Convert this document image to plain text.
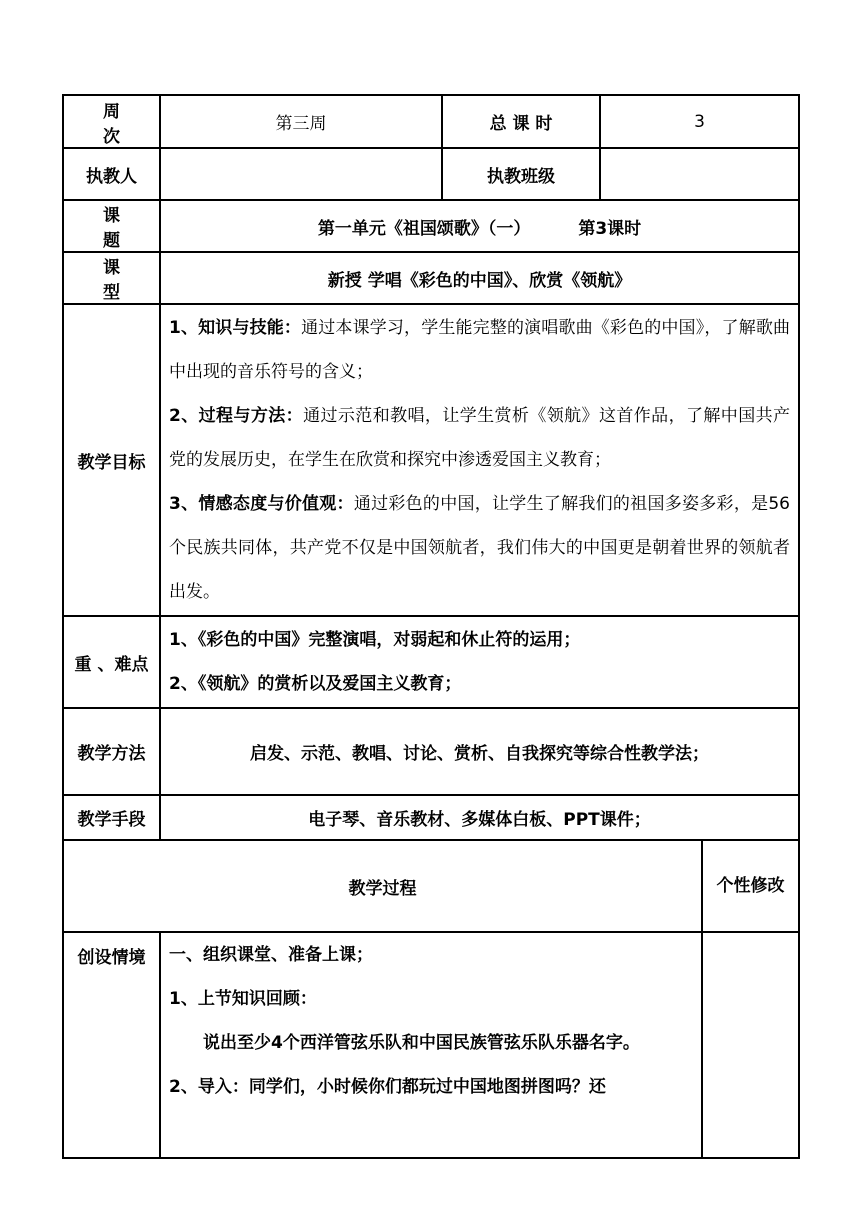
周 次	第三周	总 课 时	3	
执教人		执教班级		
课 题	第一单元《祖国颂歌》（一） 第3课时			
课 型	新授 学唱《彩色的中国》、欣赏《领航》			
教学目标	1、知识与技能：通过本课学习，学生能完整的演唱歌曲《彩色的中国》，了解歌曲中出现的音乐符号的含义；
2、过程与方法：通过示范和教唱，让学生赏析《领航》这首作品，了解中国共产党的发展历史，在学生在欣赏和探究中渗透爱国主义教育；
3、情感态度与价值观：通过彩色的中国，让学生了解我们的祖国多姿多彩，是56个民族共同体，共产党不仅是中国领航者，我们伟大的中国更是朝着世界的领航者出发。			

重 、难点	1、《彩色的中国》完整演唱，对弱起和休止符的运用；
2、《领航》的赏析以及爱国主义教育；			

教学方法	启发、示范、教唱、讨论、赏析、自我探究等综合性教学法；			
教学手段	电子琴、音乐教材、多媒体白板、PPT课件；			
教学过程				个性修改
创设情境	一、组织课堂、准备上课；
1、上节知识回顾：
说出至少4个西洋管弦乐队和中国民族管弦乐队乐器名字。
2、导入：同学们，小时候你们都玩过中国地图拼图吗？还			
